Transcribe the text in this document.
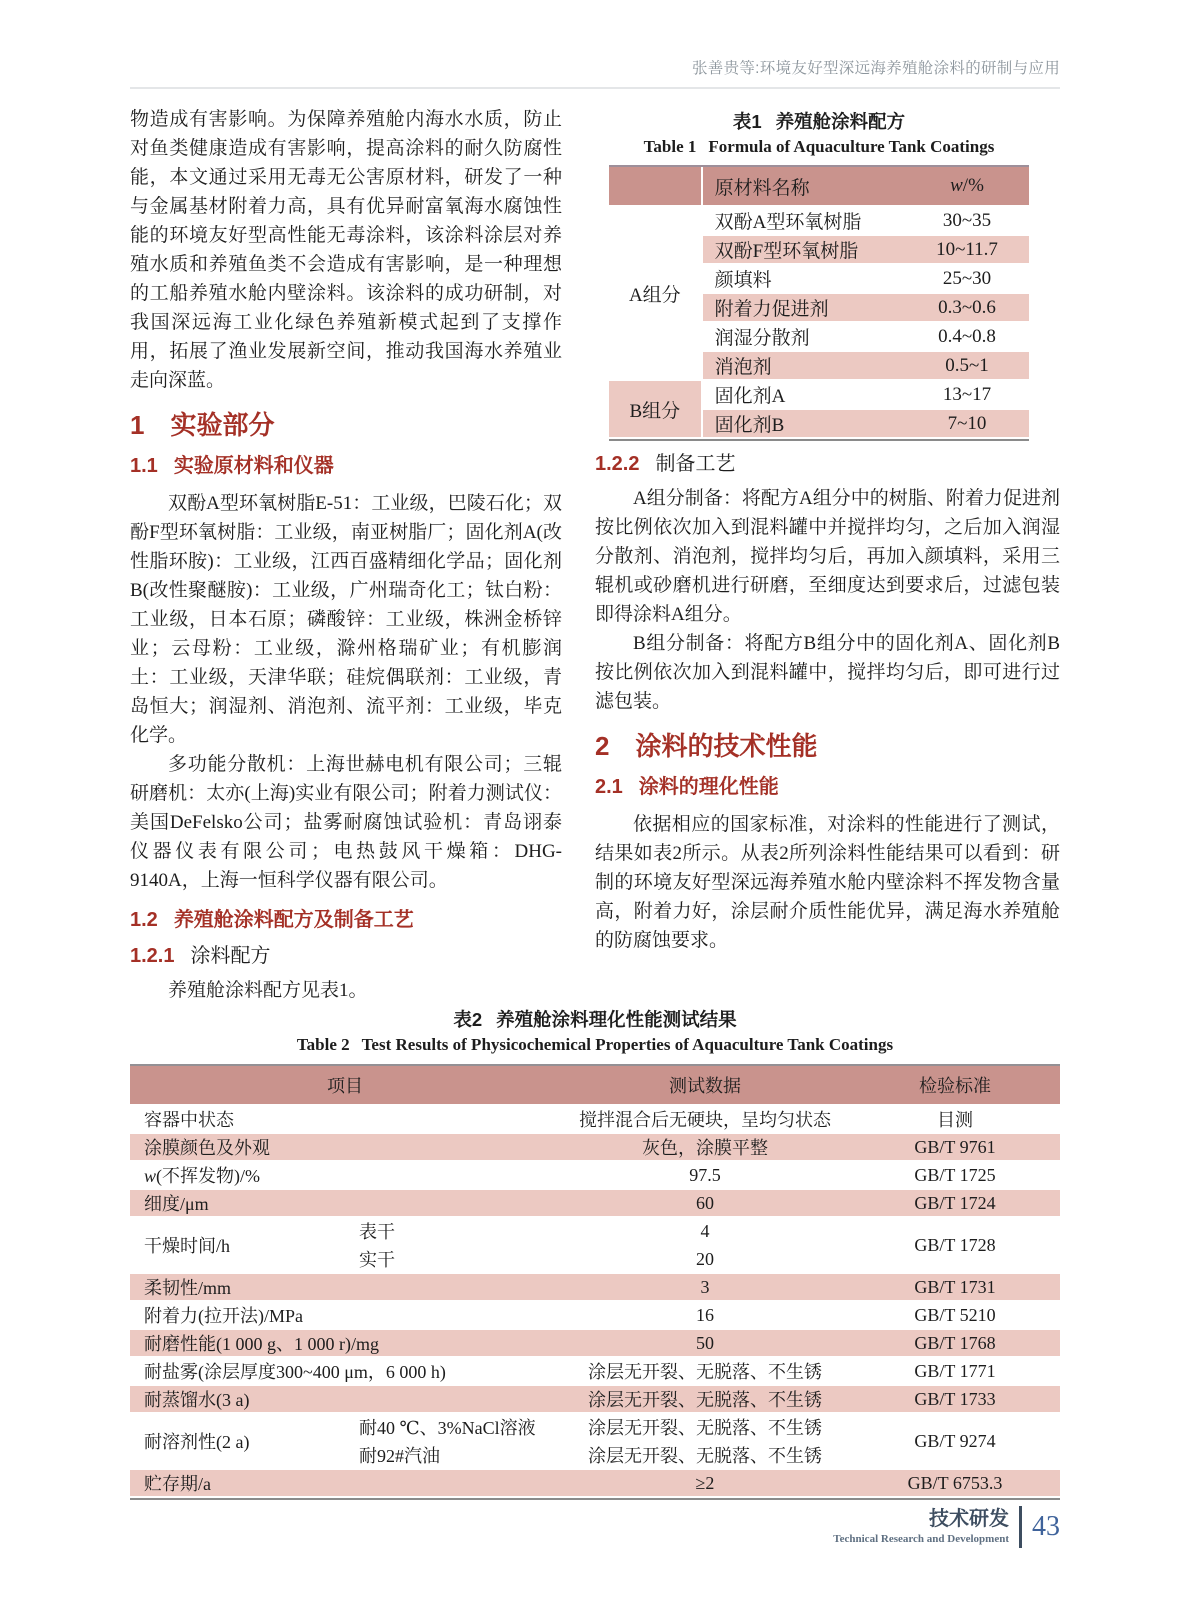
张善贵等:环境友好型深远海养殖舱涂料的研制与应用

物造成有害影响。为保障养殖舱内海水水质，防止对鱼类健康造成有害影响，提高涂料的耐久防腐性能，本文通过采用无毒无公害原材料，研发了一种与金属基材附着力高，具有优异耐富氧海水腐蚀性能的环境友好型高性能无毒涂料，该涂料涂层对养殖水质和养殖鱼类不会造成有害影响，是一种理想的工船养殖水舱内壁涂料。该涂料的成功研制，对我国深远海工业化绿色养殖新模式起到了支撑作用，拓展了渔业发展新空间，推动我国海水养殖业走向深蓝。

1 实验部分
1.1 实验原材料和仪器

双酚A型环氧树脂E-51：工业级，巴陵石化；双酚F型环氧树脂：工业级，南亚树脂厂；固化剂A(改性脂环胺)：工业级，江西百盛精细化学品；固化剂B(改性聚醚胺)：工业级，广州瑞奇化工；钛白粉：工业级，日本石原；磷酸锌：工业级，株洲金桥锌业；云母粉：工业级，滁州格瑞矿业；有机膨润土：工业级，天津华联；硅烷偶联剂：工业级，青岛恒大；润湿剂、消泡剂、流平剂：工业级，毕克化学。

多功能分散机：上海世赫电机有限公司；三辊研磨机：太亦(上海)实业有限公司；附着力测试仪：美国DeFelsko公司；盐雾耐腐蚀试验机：青岛诩泰仪器仪表有限公司；电热鼓风干燥箱：DHG-9140A，上海一恒科学仪器有限公司。

1.2 养殖舱涂料配方及制备工艺
1.2.1 涂料配方

养殖舱涂料配方见表1。

表1 养殖舱涂料配方
Table 1 Formula of Aquaculture Tank Coatings
	原材料名称	w/%
A组分	双酚A型环氧树脂	30~35
	双酚F型环氧树脂	10~11.7
	颜填料	25~30
	附着力促进剂	0.3~0.6
	润湿分散剂	0.4~0.8
	消泡剂	0.5~1
B组分	固化剂A	13~17
	固化剂B	7~10
1.2.2 制备工艺

A组分制备：将配方A组分中的树脂、附着力促进剂按比例依次加入到混料罐中并搅拌均匀，之后加入润湿分散剂、消泡剂，搅拌均匀后，再加入颜填料，采用三辊机或砂磨机进行研磨，至细度达到要求后，过滤包装即得涂料A组分。

B组分制备：将配方B组分中的固化剂A、固化剂B按比例依次加入到混料罐中，搅拌均匀后，即可进行过滤包装。

2 涂料的技术性能
2.1 涂料的理化性能

依据相应的国家标准，对涂料的性能进行了测试，结果如表2所示。从表2所列涂料性能结果可以看到：研制的环境友好型深远海养殖水舱内壁涂料不挥发物含量高，附着力好，涂层耐介质性能优异，满足海水养殖舱的防腐蚀要求。

表2 养殖舱涂料理化性能测试结果
Table 2 Test Results of Physicochemical Properties of Aquaculture Tank Coatings
项目		测试数据	检验标准
容器中状态		搅拌混合后无硬块，呈均匀状态	目测
涂膜颜色及外观		灰色，涂膜平整	GB/T 9761
w(不挥发物)/%		97.5	GB/T 1725
细度/μm		60	GB/T 1724
干燥时间/h	表干	4	GB/T 1728
	实干	20	
柔韧性/mm		3	GB/T 1731
附着力(拉开法)/MPa		16	GB/T 5210
耐磨性能(1 000 g、1 000 r)/mg		50	GB/T 1768
耐盐雾(涂层厚度300~400 μm，6 000 h)		涂层无开裂、无脱落、不生锈	GB/T 1771
耐蒸馏水(3 a)		涂层无开裂、无脱落、不生锈	GB/T 1733
耐溶剂性(2 a)	耐40 ℃、3%NaCl溶液	涂层无开裂、无脱落、不生锈	GB/T 9274
	耐92#汽油	涂层无开裂、无脱落、不生锈	
贮存期/a		≥2	GB/T 6753.3
技术研发
Technical Research and Development 43
